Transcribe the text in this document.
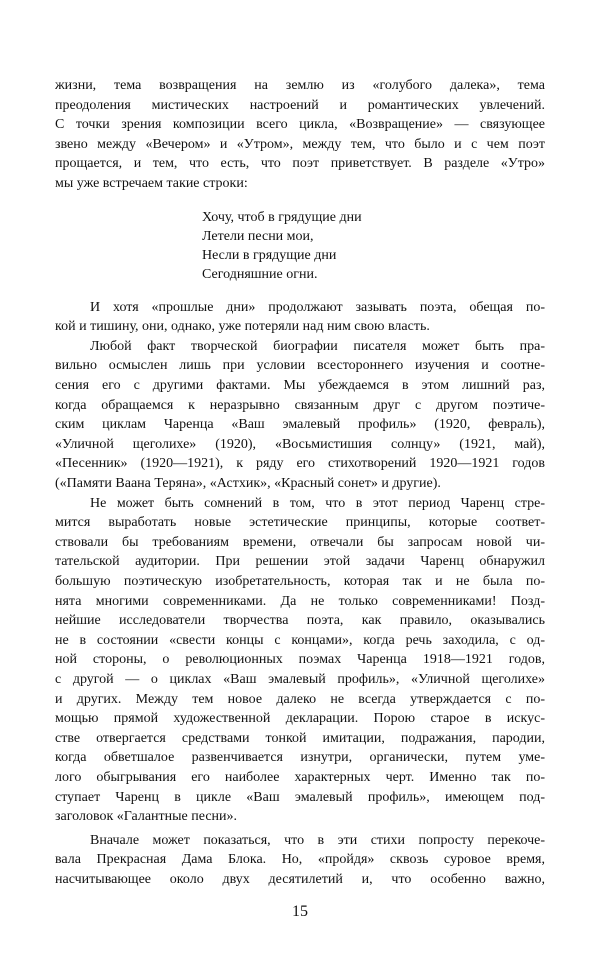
жизни, тема возвращения на землю из «голубого далека», тема
преодоления мистических настроений и романтических увлечений.
С точки зрения композиции всего цикла, «Возвращение» — связующее
звено между «Вечером» и «Утром», между тем, что было и с чем поэт
прощается, и тем, что есть, что поэт приветствует. В разделе «Утро»
мы уже встречаем такие строки:
Хочу, чтоб в грядущие дни
Летели песни мои,
Несли в грядущие дни
Сегодняшние огни.
И хотя «прошлые дни» продолжают зазывать поэта, обещая по-
кой и тишину, они, однако, уже потеряли над ним свою власть.
Любой факт творческой биографии писателя может быть пра-
вильно осмыслен лишь при условии всестороннего изучения и соотне-
сения его с другими фактами. Мы убеждаемся в этом лишний раз,
когда обращаемся к неразрывно связанным друг с другом поэтиче-
ским циклам Чаренца «Ваш эмалевый профиль» (1920, февраль),
«Уличной щеголихе» (1920), «Восьмистишия солнцу» (1921, май),
«Песенник» (1920—1921), к ряду его стихотворений 1920—1921 годов
(«Памяти Ваана Теряна», «Астхик», «Красный сонет» и другие).
Не может быть сомнений в том, что в этот период Чаренц стре-
мится выработать новые эстетические принципы, которые соответ-
ствовали бы требованиям времени, отвечали бы запросам новой чи-
тательской аудитории. При решении этой задачи Чаренц обнаружил
большую поэтическую изобретательность, которая так и не была по-
нята многими современниками. Да не только современниками! Позд-
нейшие исследователи творчества поэта, как правило, оказывались
не в состоянии «свести концы с концами», когда речь заходила, с од-
ной стороны, о революционных поэмах Чаренца 1918—1921 годов,
с другой — о циклах «Ваш эмалевый профиль», «Уличной щеголихе»
и других. Между тем новое далеко не всегда утверждается с по-
мощью прямой художественной декларации. Порою старое в искус-
стве отвергается средствами тонкой имитации, подражания, пародии,
когда обветшалое развенчивается изнутри, органически, путем уме-
лого обыгрывания его наиболее характерных черт. Именно так по-
ступает Чаренц в цикле «Ваш эмалевый профиль», имеющем под-
заголовок «Галантные песни».
Вначале может показаться, что в эти стихи попросту перекоче-
вала Прекрасная Дама Блока. Но, «пройдя» сквозь суровое время,
насчитывающее около двух десятилетий и, что особенно важно,
15
